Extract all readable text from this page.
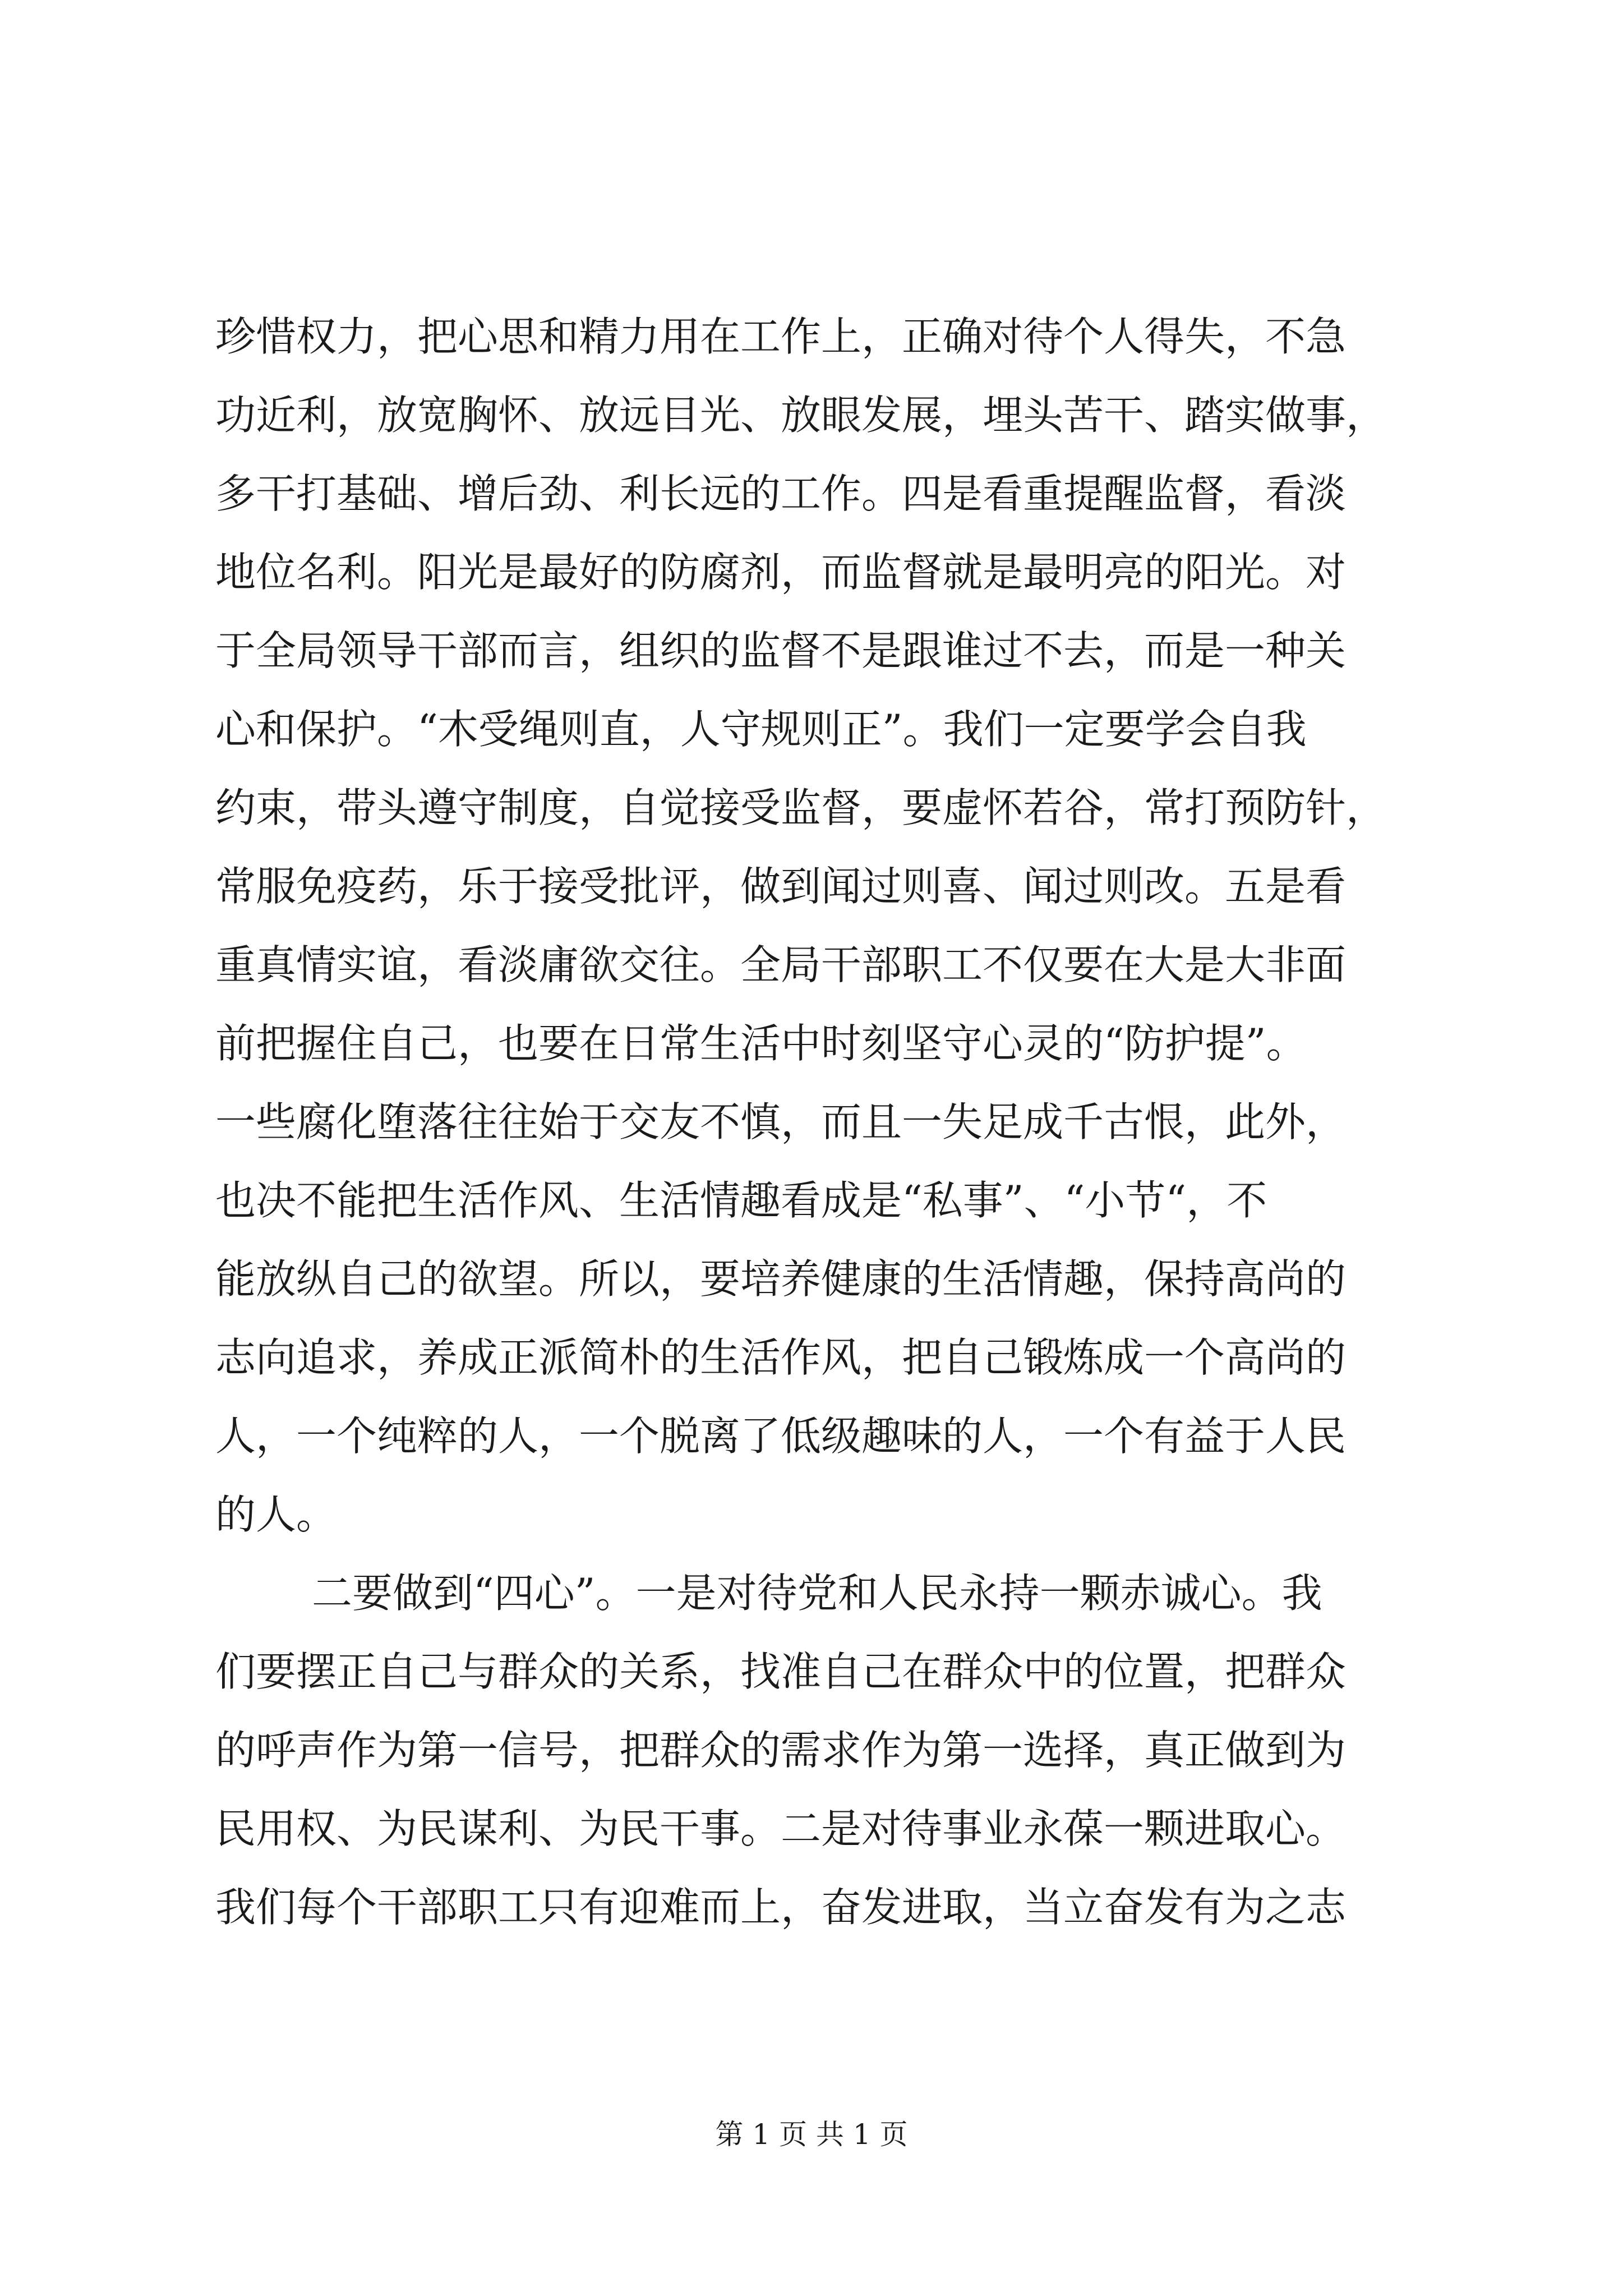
珍惜权力，把心思和精力用在工作上，正确对待个人得失，不急
功近利，放宽胸怀、放远目光、放眼发展，埋头苦干、踏实做事，
多干打基础、增后劲、利长远的工作。四是看重提醒监督，看淡
地位名利。阳光是最好的防腐剂，而监督就是最明亮的阳光。对
于全局领导干部而言，组织的监督不是跟谁过不去，而是一种关
心和保护。“木受绳则直，人守规则正”。我们一定要学会自我
约束，带头遵守制度，自觉接受监督，要虚怀若谷，常打预防针，
常服免疫药，乐于接受批评，做到闻过则喜、闻过则改。五是看
重真情实谊，看淡庸欲交往。全局干部职工不仅要在大是大非面
前把握住自己，也要在日常生活中时刻坚守心灵的“防护提”。
一些腐化堕落往往始于交友不慎，而且一失足成千古恨，此外，
也决不能把生活作风、生活情趣看成是“私事”、“小节“，不
能放纵自己的欲望。所以，要培养健康的生活情趣，保持高尚的
志向追求，养成正派简朴的生活作风，把自己锻炼成一个高尚的
人，一个纯粹的人，一个脱离了低级趣味的人，一个有益于人民
的人。
二要做到“四心”。一是对待党和人民永持一颗赤诚心。我
们要摆正自己与群众的关系，找准自己在群众中的位置，把群众
的呼声作为第一信号，把群众的需求作为第一选择，真正做到为
民用权、为民谋利、为民干事。二是对待事业永葆一颗进取心。
我们每个干部职工只有迎难而上，奋发进取，当立奋发有为之志
第 1 页 共 1 页
